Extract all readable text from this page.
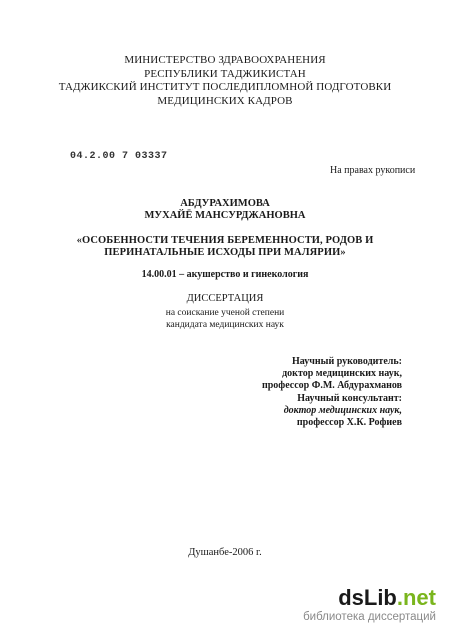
МИНИСТЕРСТВО ЗДРАВООХРАНЕНИЯ
РЕСПУБЛИКИ ТАДЖИКИСТАН
ТАДЖИКСКИЙ ИНСТИТУТ ПОСЛЕДИПЛОМНОЙ ПОДГОТОВКИ
МЕДИЦИНСКИХ КАДРОВ
04.2.00 7 03337
На правах рукописи
АБДУРАХИМОВА
МУХАЙЁ МАНСУРДЖАНОВНА
«ОСОБЕННОСТИ ТЕЧЕНИЯ БЕРЕМЕННОСТИ, РОДОВ И
ПЕРИНАТАЛЬНЫЕ ИСХОДЫ ПРИ МАЛЯРИИ»
14.00.01 – акушерство и гинекология
ДИССЕРТАЦИЯ
на соискание ученой степени
кандидата медицинских наук
Научный руководитель:
доктор медицинских наук,
профессор Ф.М. Абдурахманов
Научный консультант:
доктор медицинских наук,
профессор Х.К. Рофиев
Душанбе-2006 г.
dsLib.net
библиотека диссертаций
